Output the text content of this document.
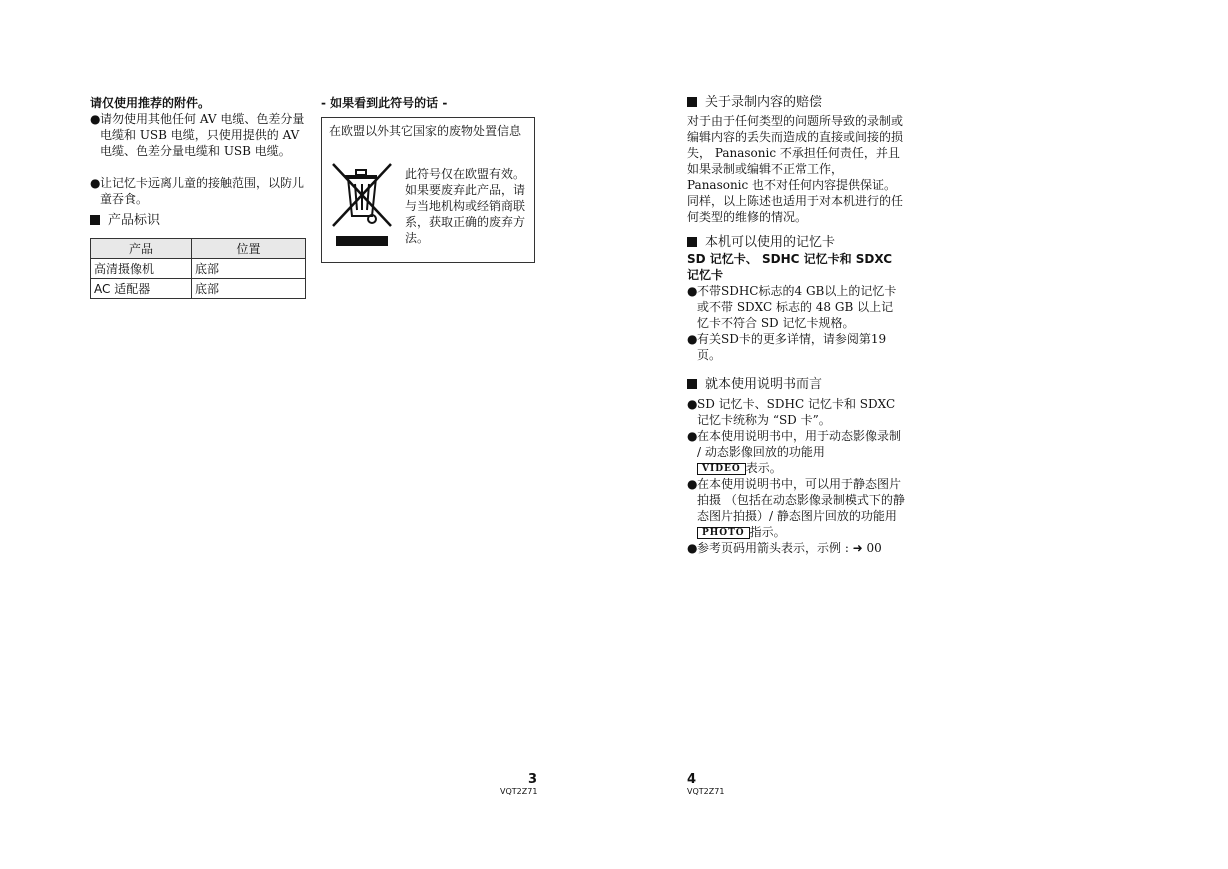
请仅使用推荐的附件。

● 请勿使用其他任何 AV 电缆、色差分量电缆和 USB 电缆，只使用提供的 AV 电缆、色差分量电缆和 USB 电缆。
● 让记忆卡远离儿童的接触范围，以防儿童吞食。

产品标识

产品	位置
高清摄像机	底部
AC 适配器	底部
- 如果看到此符号的话 -
在欧盟以外其它国家的废物处置信息
此符号仅在欧盟有效。
如果要废弃此产品，请与当地机构或经销商联系，获取正确的废弃方法。
3
VQT2Z71

关于录制内容的赔偿

对于由于任何类型的问题所导致的录制或编辑内容的丢失而造成的直接或间接的损失， Panasonic 不承担任何责任，并且如果录制或编辑不正常工作， Panasonic 也不对任何内容提供保证。同样，以上陈述也适用于对本机进行的任何类型的维修的情况。

本机可以使用的记忆卡

SD 记忆卡、 SDHC 记忆卡和 SDXC 记忆卡

● 不带SDHC标志的4 GB以上的记忆卡或不带 SDXC 标志的 48 GB 以上记忆卡不符合 SD 记忆卡规格。
● 有关SD卡的更多详情，请参阅第19页。

就本使用说明书而言

● SD 记忆卡、SDHC 记忆卡和 SDXC 记忆卡统称为 “SD 卡”。
● 在本使用说明书中，用于动态影像录制 / 动态影像回放的功能用
VIDEO 表示。
● 在本使用说明书中，可以用于静态图片拍摄 （包括在动态影像录制模式下的静态图片拍摄）/ 静态图片回放的功能用PHOTO 指示。
● 参考页码用箭头表示，示例 : ➜ 00
4
VQT2Z71
